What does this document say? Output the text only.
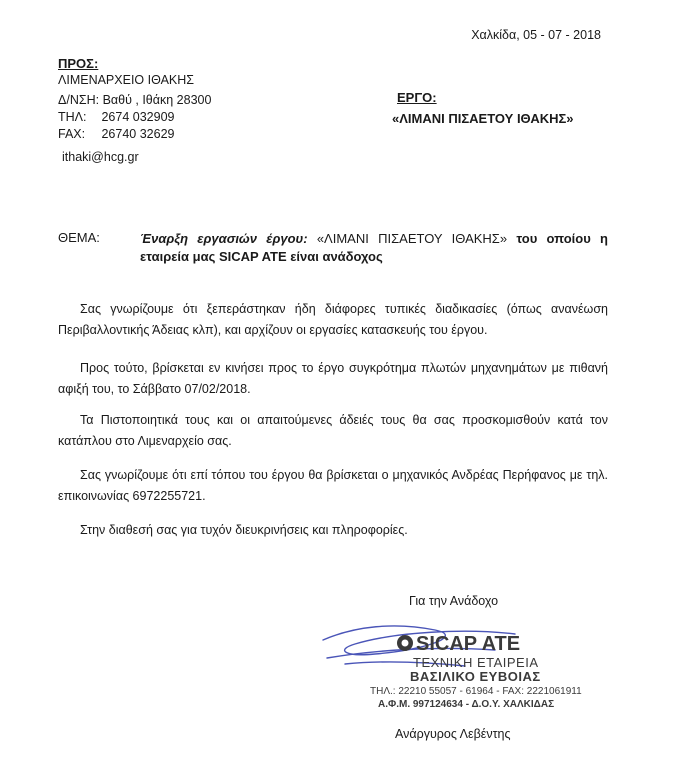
Χαλκίδα, 05 - 07 - 2018
ΠΡΟΣ:
ΛΙΜΕΝΑΡΧΕΙΟ ΙΘΑΚΗΣ
Δ/ΝΣΗ: Βαθύ , Ιθάκη 28300
ΤΗΛ: 2674 032909
FAX: 26740 32629
ithaki@hcg.gr
ΕΡΓΟ:
«ΛΙΜΑΝΙ ΠΙΣΑΕΤΟΥ ΙΘΑΚΗΣ»
ΘΕΜΑ:	Έναρξη εργασιών έργου: «ΛΙΜΑΝΙ ΠΙΣΑΕΤΟΥ ΙΘΑΚΗΣ» του οποίου η εταιρεία μας SICAP ATE είναι ανάδοχος
Σας γνωρίζουμε ότι ξεπεράστηκαν ήδη διάφορες τυπικές διαδικασίες (όπως ανανέωση Περιβαλλοντικής Άδειας κλπ), και αρχίζουν οι εργασίες κατασκευής του έργου.
Προς τούτο, βρίσκεται εν κινήσει προς το έργο συγκρότημα πλωτών μηχανημάτων με πιθανή αφιξή του, το Σάββατο 07/02/2018.
Τα Πιστοποιητικά τους και οι απαιτούμενες άδειές τους θα σας προσκομισθούν κατά τον κατάπλου στο Λιμεναρχείο σας.
Σας γνωρίζουμε ότι επί τόπου του έργου θα βρίσκεται ο μηχανικός Ανδρέας Περήφανος με τηλ. επικοινωνίας 6972255721.
Στην διαθεσή σας για τυχόν διευκρινήσεις και πληροφορίες.
Για την Ανάδοχο
SICAP ATE
ΤΕΧΝΙΚΗ ΕΤΑΙΡΕΙΑ
ΒΑΣΙΛΙΚΟ ΕΥΒΟΙΑΣ
ΤΗΛ.: 22210 55057 - 61964 - FAX: 2221061911
Α.Φ.Μ. 997124634 - Δ.Ο.Υ. ΧΑΛΚΙΔΑΣ
Ανάργυρος Λεβέντης
